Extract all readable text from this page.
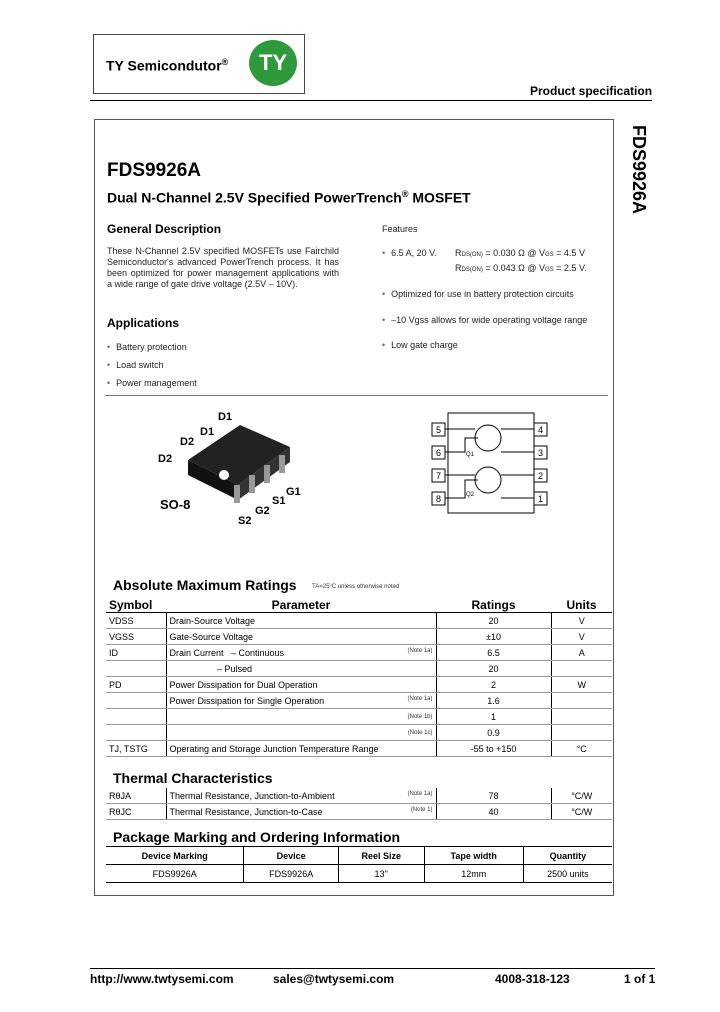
TY Semicondutor®	TY
Product specification
FDS9926A
FDS9926A
Dual N-Channel 2.5V Specified PowerTrench® MOSFET
General Description
These N-Channel 2.5V specified MOSFETs use Fairchild Semiconductor's advanced PowerTrench process. It has been optimized for power management applications with a wide range of gate drive voltage (2.5V – 10V).
Applications
• Battery protection
• Load switch
• Power management
Features
• 6.5 A, 20 V. RDS(ON) = 0.030 Ω @ VGS = 4.5 V
RDS(ON) = 0.043 Ω @ VGS = 2.5 V.
• Optimized for use in battery protection circuits
• –10 Vgss allows for wide operating voltage range
• Low gate charge
D1
D1
D2
D2
G1
S1
G2
S2
SO-8
5
6
7
8
4
3
2
1
Q1
Q2
Absolute Maximum Ratings	TA=25°C unless otherwise noted
Symbol	Parameter	Ratings	Units
VDSS	Drain-Source Voltage	20	V
VGSS	Gate-Source Voltage	±10	V
ID	Drain Current   – Continuous (Note 1a)	6.5	A
	– Pulsed	20	
PD	Power Dissipation for Dual Operation	2	W
	Power Dissipation for Single Operation (Note 1a)	1.6	

	(Note 1b)	1	

	(Note 1c)	0.9	
TJ, TSTG	Operating and Storage Junction Temperature Range	-55 to +150	°C
Thermal Characteristics
RθJA	Thermal Resistance, Junction-to-Ambient (Note 1a)	78	°C/W
RθJC	Thermal Resistance, Junction-to-Case (Note 1)	40	°C/W
Package Marking and Ordering Information
Device Marking	Device	Reel Size	Tape width	Quantity
FDS9926A	FDS9926A	13''	12mm	2500 units
http://www.twtysemi.com	sales@twtysemi.com	4008-318-123	1 of 1
